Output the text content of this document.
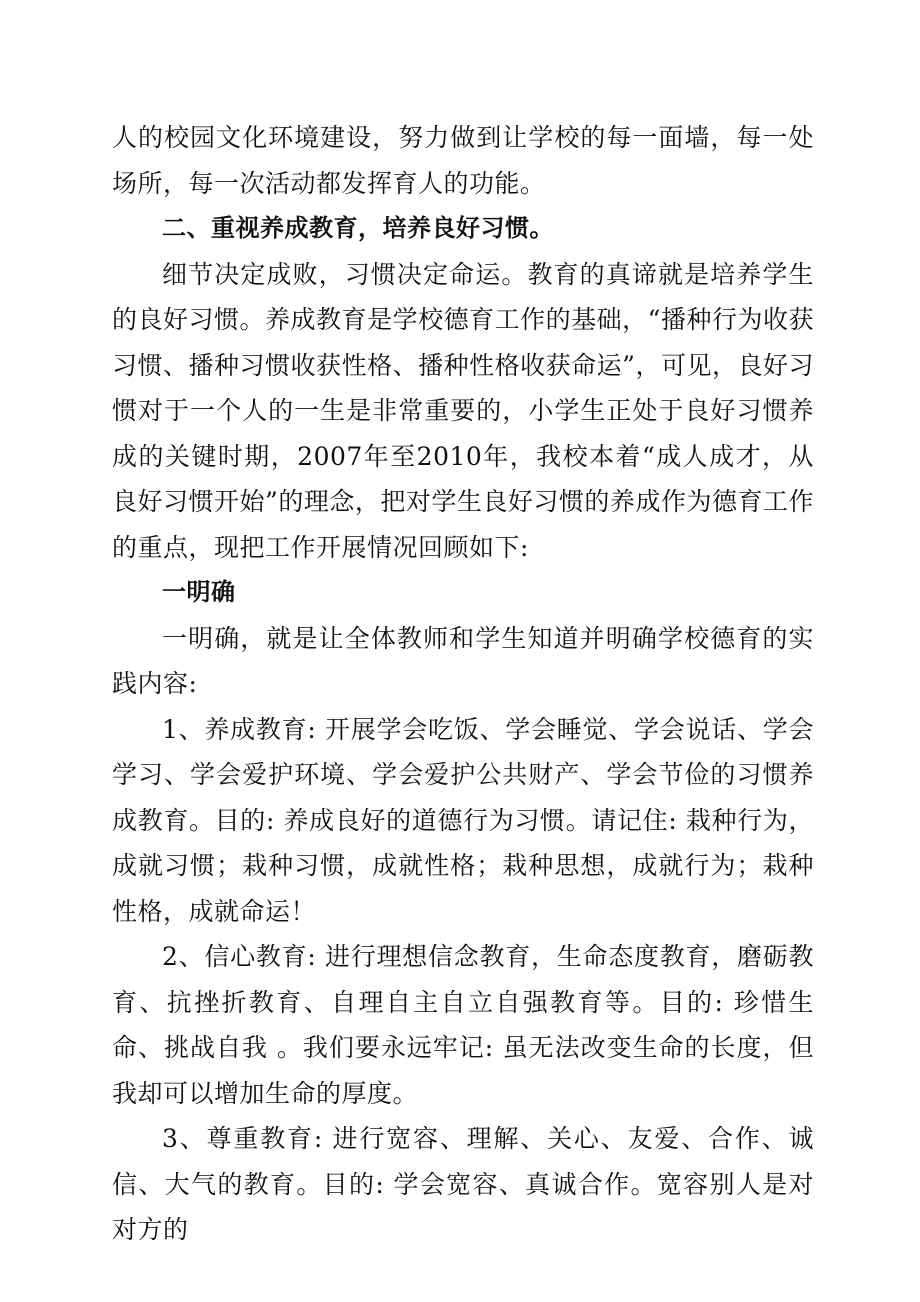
人的校园文化环境建设，努力做到让学校的每一面墙，每一处场所，每一次活动都发挥育人的功能。

二、重视养成教育，培养良好习惯。

细节决定成败，习惯决定命运。教育的真谛就是培养学生的良好习惯。养成教育是学校德育工作的基础，“播种行为收获习惯、播种习惯收获性格、播种性格收获命运”，可见，良好习惯对于一个人的一生是非常重要的，小学生正处于良好习惯养成的关键时期，2007年至2010年，我校本着“成人成才，从良好习惯开始”的理念，把对学生良好习惯的养成作为德育工作的重点，现把工作开展情况回顾如下:

一明确

一明确，就是让全体教师和学生知道并明确学校德育的实践内容:

1、养成教育: 开展学会吃饭、学会睡觉、学会说话、学会学习、学会爱护环境、学会爱护公共财产、学会节俭的习惯养成教育。目的: 养成良好的道德行为习惯。请记住: 栽种行为，成就习惯；栽种习惯，成就性格；栽种思想，成就行为；栽种性格，成就命运！

2、信心教育: 进行理想信念教育，生命态度教育，磨砺教育、抗挫折教育、自理自主自立自强教育等。目的: 珍惜生命、挑战自我 。我们要永远牢记: 虽无法改变生命的长度，但我却可以增加生命的厚度。

3、尊重教育: 进行宽容、理解、关心、友爱、合作、诚信、大气的教育。目的: 学会宽容、真诚合作。宽容别人是对对方的
